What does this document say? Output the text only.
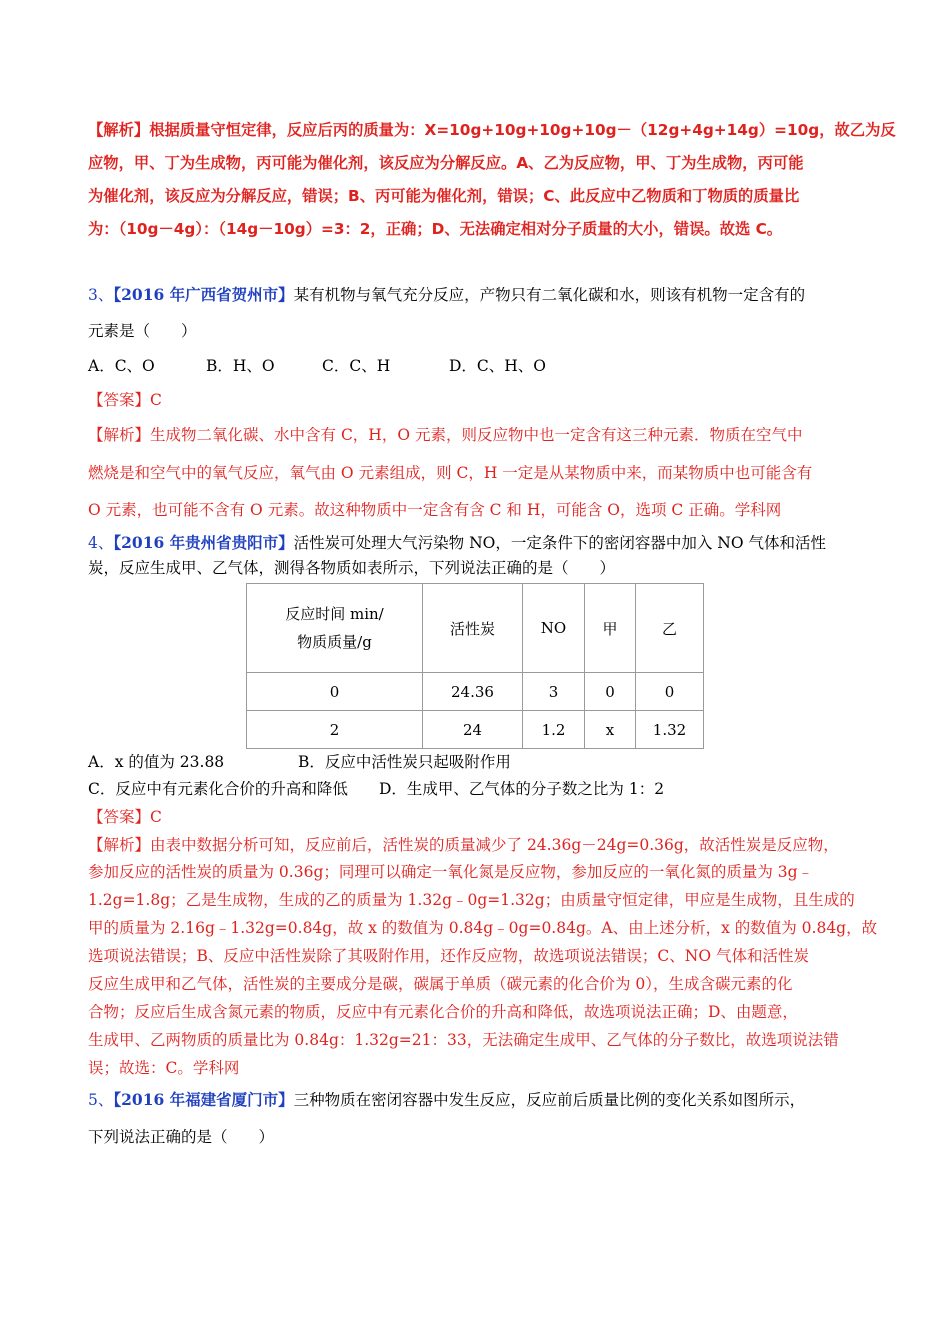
【解析】根据质量守恒定律，反应后丙的质量为：X=10g+10g+10g+10g－（12g+4g+14g）=10g，故乙为反
应物，甲、丁为生成物，丙可能为催化剂，该反应为分解反应。A、乙为反应物，甲、丁为生成物，丙可能
为催化剂，该反应为分解反应，错误；B、丙可能为催化剂，错误；C、此反应中乙物质和丁物质的质量比
为：（10g－4g）：（14g－10g）=3：2，正确；D、无法确定相对分子质量的大小，错误。故选 C。
3、【2016 年广西省贺州市】某有机物与氧气充分反应，产物只有二氧化碳和水，则该有机物一定含有的
元素是（　　）
A．C、O	B．H、O	C．C、H	D．C、H、O
【答案】C
【解析】生成物二氧化碳、水中含有 C，H，O 元素，则反应物中也一定含有这三种元素．物质在空气中
燃烧是和空气中的氧气反应，氧气由 O 元素组成，则 C，H 一定是从某物质中来，而某物质中也可能含有
O 元素，也可能不含有 O 元素。故这种物质中一定含有含 C 和 H，可能含 O，选项 C 正确。学科网
4、【2016 年贵州省贵阳市】活性炭可处理大气污染物 NO，一定条件下的密闭容器中加入 NO 气体和活性
炭，反应生成甲、乙气体，测得各物质如表所示，下列说法正确的是（　　）
反应时间 min/
物质质量/g	活性炭	NO	甲	乙
0	24.36	3	0	0
2	24	1.2	x	1.32
A．x 的值为 23.88	B．反应中活性炭只起吸附作用
C．反应中有元素化合价的升高和降低 D．生成甲、乙气体的分子数之比为 1：2
【答案】C
【解析】由表中数据分析可知，反应前后，活性炭的质量减少了 24.36g－24g=0.36g，故活性炭是反应物，
参加反应的活性炭的质量为 0.36g；同理可以确定一氧化氮是反应物，参加反应的一氧化氮的质量为 3g﹣
1.2g=1.8g；乙是生成物，生成的乙的质量为 1.32g﹣0g=1.32g；由质量守恒定律，甲应是生成物，且生成的
甲的质量为 2.16g﹣1.32g=0.84g，故 x 的数值为 0.84g﹣0g=0.84g。A、由上述分析，x 的数值为 0.84g，故
选项说法错误；B、反应中活性炭除了其吸附作用，还作反应物，故选项说法错误；C、NO 气体和活性炭
反应生成甲和乙气体，活性炭的主要成分是碳，碳属于单质（碳元素的化合价为 0），生成含碳元素的化
合物；反应后生成含氮元素的物质，反应中有元素化合价的升高和降低，故选项说法正确；D、由题意，
生成甲、乙两物质的质量比为 0.84g：1.32g=21：33，无法确定生成甲、乙气体的分子数比，故选项说法错
误；故选：C。学科网
5、【2016 年福建省厦门市】三种物质在密闭容器中发生反应，反应前后质量比例的变化关系如图所示，
下列说法正确的是（　　）
